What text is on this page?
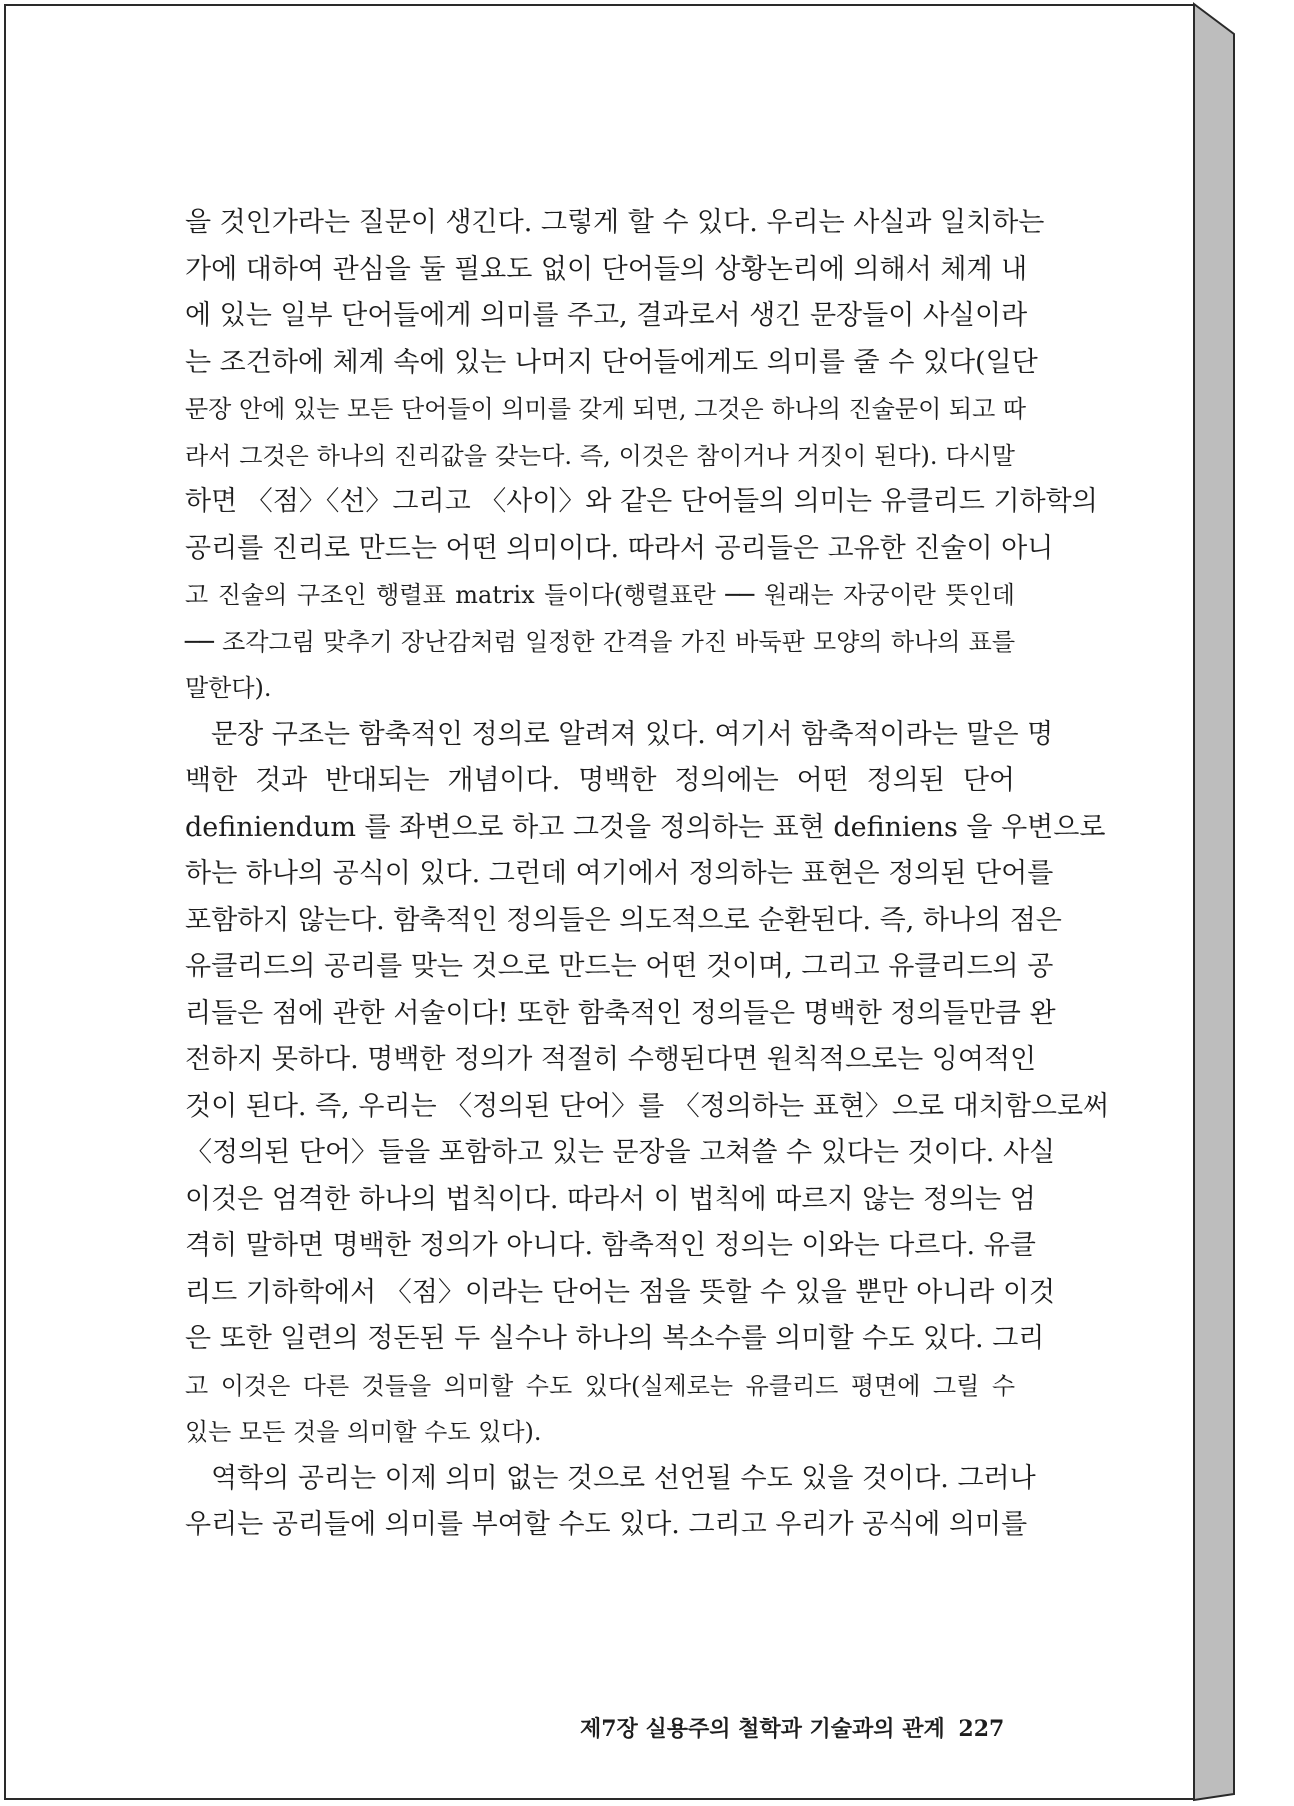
을 것인가라는 질문이 생긴다. 그렇게 할 수 있다. 우리는 사실과 일치하는
가에 대하여 관심을 둘 필요도 없이 단어들의 상황논리에 의해서 체계 내
에 있는 일부 단어들에게 의미를 주고, 결과로서 생긴 문장들이 사실이라
는 조건하에 체계 속에 있는 나머지 단어들에게도 의미를 줄 수 있다(일단
문장 안에 있는 모든 단어들이 의미를 갖게 되면, 그것은 하나의 진술문이 되고 따
라서 그것은 하나의 진리값을 갖는다. 즉, 이것은 참이거나 거짓이 된다). 다시말
하면 〈점〉〈선〉그리고 〈사이〉와 같은 단어들의 의미는 유클리드 기하학의
공리를 진리로 만드는 어떤 의미이다. 따라서 공리들은 고유한 진술이 아니
고 진술의 구조인 행렬표 matrix 들이다(행렬표란 ── 원래는 자궁이란 뜻인데
── 조각그림 맞추기 장난감처럼 일정한 간격을 가진 바둑판 모양의 하나의 표를
말한다).
문장 구조는 함축적인 정의로 알려져 있다. 여기서 함축적이라는 말은 명
백한 것과 반대되는 개념이다. 명백한 정의에는 어떤 정의된 단어
definiendum 를 좌변으로 하고 그것을 정의하는 표현 definiens 을 우변으로
하는 하나의 공식이 있다. 그런데 여기에서 정의하는 표현은 정의된 단어를
포함하지 않는다. 함축적인 정의들은 의도적으로 순환된다. 즉, 하나의 점은
유클리드의 공리를 맞는 것으로 만드는 어떤 것이며, 그리고 유클리드의 공
리들은 점에 관한 서술이다! 또한 함축적인 정의들은 명백한 정의들만큼 완
전하지 못하다. 명백한 정의가 적절히 수행된다면 원칙적으로는 잉여적인
것이 된다. 즉, 우리는 〈정의된 단어〉를 〈정의하는 표현〉으로 대치함으로써
〈정의된 단어〉들을 포함하고 있는 문장을 고쳐쓸 수 있다는 것이다. 사실
이것은 엄격한 하나의 법칙이다. 따라서 이 법칙에 따르지 않는 정의는 엄
격히 말하면 명백한 정의가 아니다. 함축적인 정의는 이와는 다르다. 유클
리드 기하학에서 〈점〉이라는 단어는 점을 뜻할 수 있을 뿐만 아니라 이것
은 또한 일련의 정돈된 두 실수나 하나의 복소수를 의미할 수도 있다. 그리
고 이것은 다른 것들을 의미할 수도 있다(실제로는 유클리드 평면에 그릴 수
있는 모든 것을 의미할 수도 있다).
역학의 공리는 이제 의미 없는 것으로 선언될 수도 있을 것이다. 그러나
우리는 공리들에 의미를 부여할 수도 있다. 그리고 우리가 공식에 의미를
제7장 실용주의 철학과 기술과의 관계 227
